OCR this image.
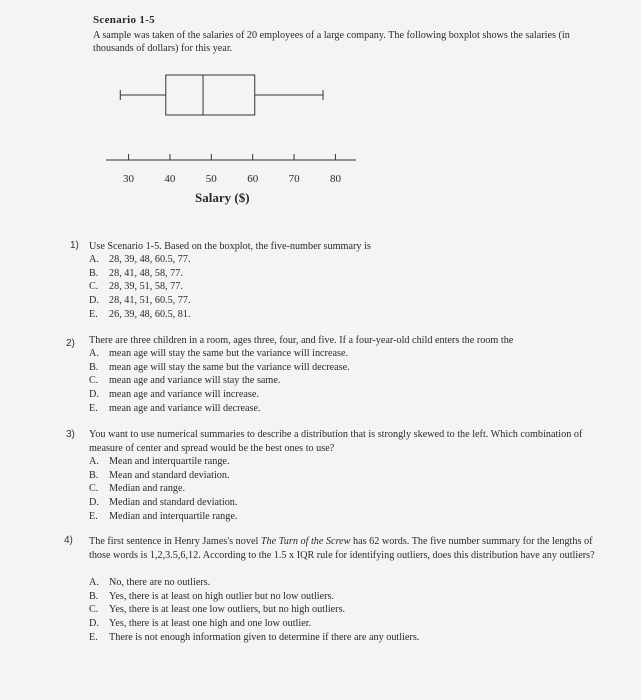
Scenario 1-5
A sample was taken of the salaries of 20 employees of a large company. The following boxplot shows the salaries (in thousands of dollars) for this year.
30	40	50	60	70	80
Salary ($)
1) Use Scenario 1-5. Based on the boxplot, the five-number summary is
A. 28, 39, 48, 60.5, 77.
B. 28, 41, 48, 58, 77.
C. 28, 39, 51, 58, 77.
D. 28, 41, 51, 60.5, 77.
E. 26, 39, 48, 60.5, 81.
2) There are three children in a room, ages three, four, and five. If a four-year-old child enters the room the
A. mean age will stay the same but the variance will increase.
B. mean age will stay the same but the variance will decrease.
C. mean age and variance will stay the same.
D. mean age and variance will increase.
E. mean age and variance will decrease.
3) You want to use numerical summaries to describe a distribution that is strongly skewed to the left. Which combination of measure of center and spread would be the best ones to use?
A. Mean and interquartile range.
B. Mean and standard deviation.
C. Median and range.
D. Median and standard deviation.
E. Median and interquartile range.
4) The first sentence in Henry James's novel The Turn of the Screw has 62 words. The five number summary for the lengths of those words is 1,2,3.5,6,12. According to the 1.5 x IQR rule for identifying outliers, does this distribution have any outliers?
A. No, there are no outliers.
B. Yes, there is at least on high outlier but no low outliers.
C. Yes, there is at least one low outliers, but no high outliers.
D. Yes, there is at least one high and one low outlier.
E. There is not enough information given to determine if there are any outliers.
